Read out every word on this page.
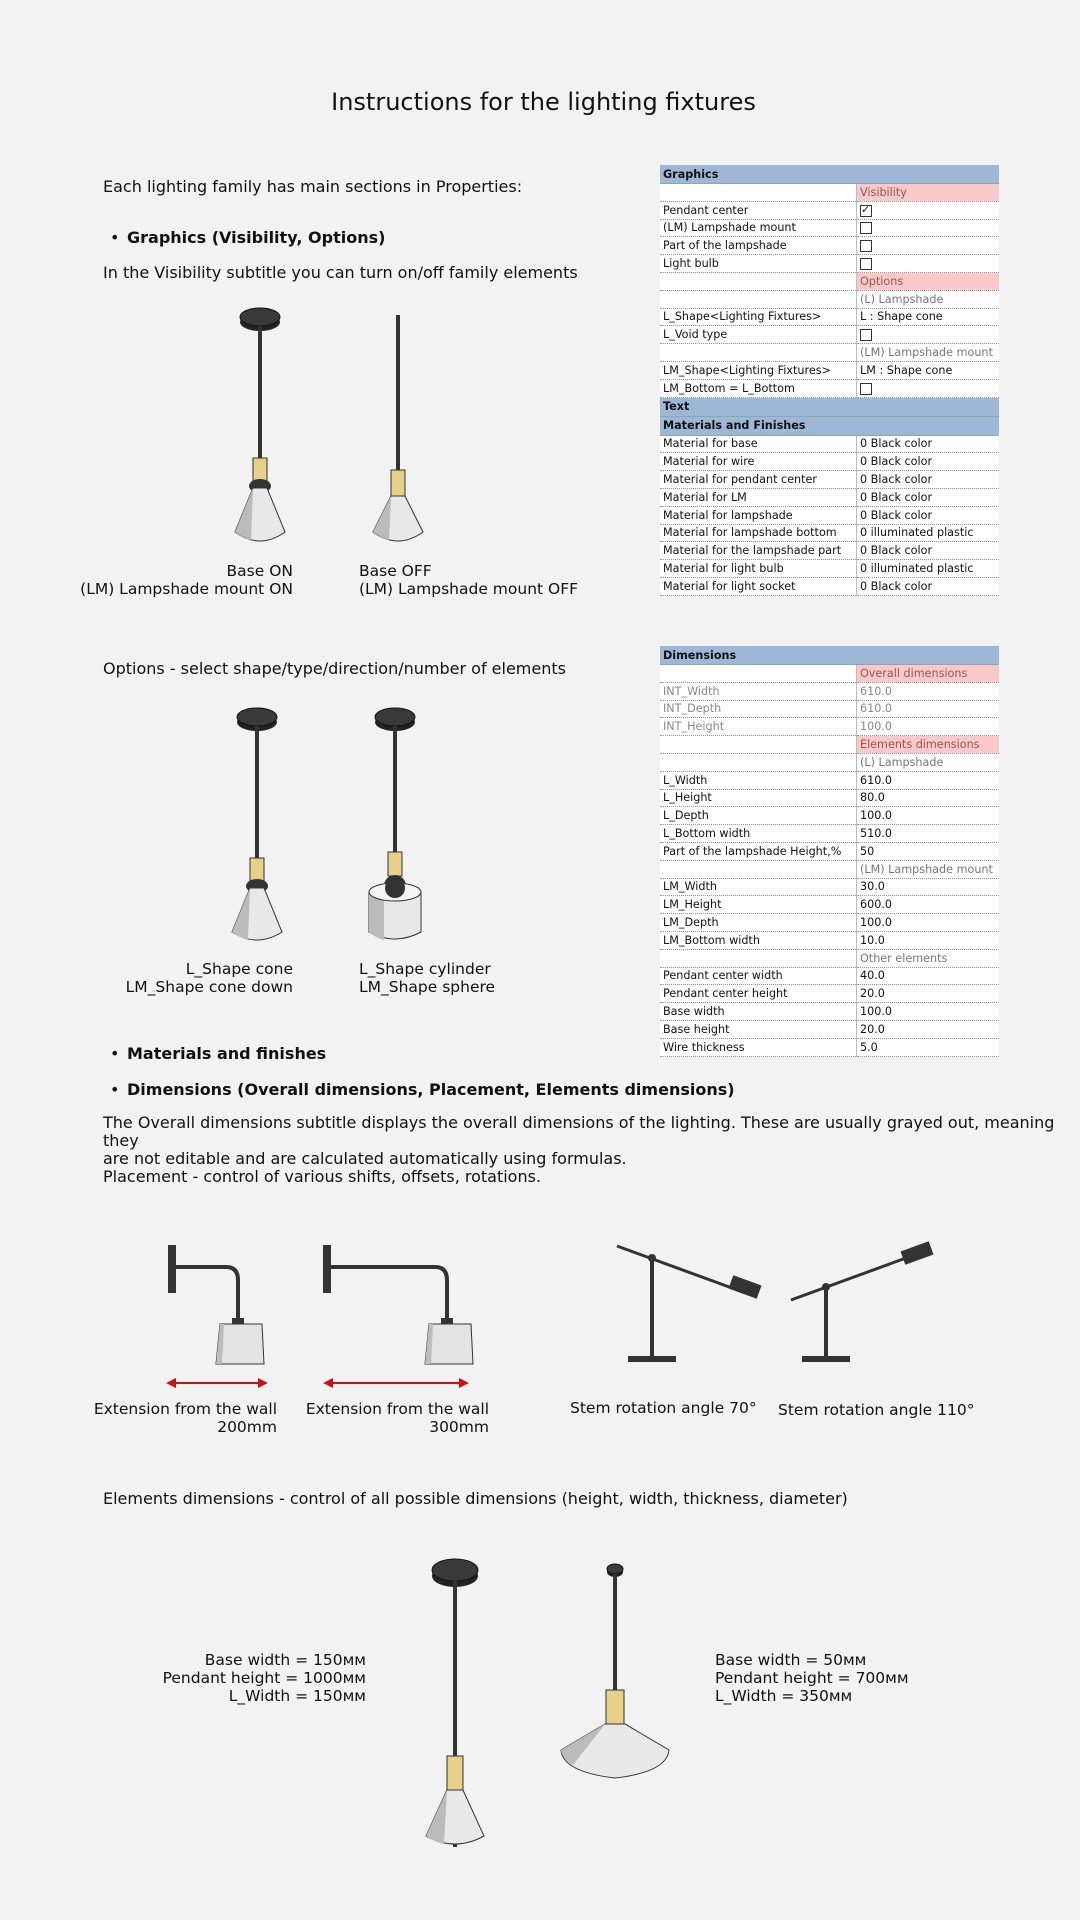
Instructions for the lighting fixtures
Each lighting family has main sections in Properties:
• Graphics (Visibility, Options)
In the Visibility subtitle you can turn on/off family elements
Base ON
(LM) Lampshade mount ON
Base OFF
(LM) Lampshade mount OFF
Options - select shape/type/direction/number of elements
L_Shape cone
LM_Shape cone down
L_Shape cylinder
LM_Shape sphere
• Materials and finishes
• Dimensions (Overall dimensions, Placement, Elements dimensions)
The Overall dimensions subtitle displays the overall dimensions of the lighting. These are usually grayed out, meaning they
are not editable and are calculated automatically using formulas.
Placement - control of various shifts, offsets, rotations.
Extension from the wall
200mm
Extension from the wall
300mm
Stem rotation angle 70° Stem rotation angle 110°
Elements dimensions - control of all possible dimensions (height, width, thickness, diameter)
Base width = 150мм
Pendant height = 1000мм
L_Width = 150мм
Base width = 50мм
Pendant height = 700мм
L_Width = 350мм
Graphics	
	Visibility
Pendant center	✓
(LM) Lampshade mount	
Part of the lampshade	
Light bulb	
	Options
	(L) Lampshade
L_Shape<Lighting Fixtures>	L : Shape cone
L_Void type	
	(LM) Lampshade mount
LM_Shape<Lighting Fixtures>	LM : Shape cone
LM_Bottom = L_Bottom	
Text	
Materials and Finishes	
Material for base	0 Black color
Material for wire	0 Black color
Material for pendant center	0 Black color
Material for LM	0 Black color
Material for lampshade	0 Black color
Material for lampshade bottom	0 illuminated plastic
Material for the lampshade part	0 Black color
Material for light bulb	0 illuminated plastic
Material for light socket	0 Black color
Dimensions	
	Overall dimensions
INT_Width	610.0
INT_Depth	610.0
INT_Height	100.0
	Elements dimensions
	(L) Lampshade
L_Width	610.0
L_Height	80.0
L_Depth	100.0
L_Bottom width	510.0
Part of the lampshade Height,%	50
	(LM) Lampshade mount
LM_Width	30.0
LM_Height	600.0
LM_Depth	100.0
LM_Bottom width	10.0
	Other elements
Pendant center width	40.0
Pendant center height	20.0
Base width	100.0
Base height	20.0
Wire thickness	5.0
